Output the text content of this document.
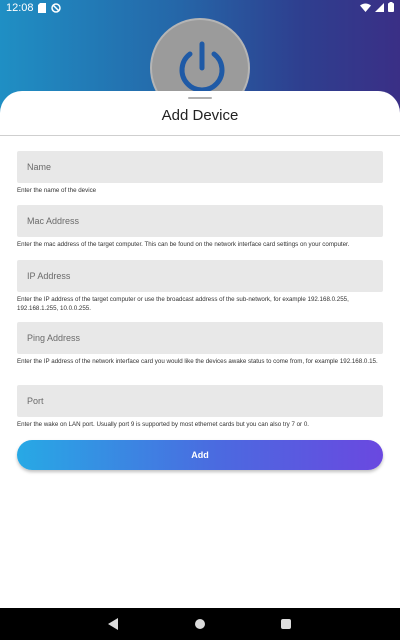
12:08
Add Device
Name
Enter the name of the device
Mac Address
Enter the mac address of the target computer. This can be found on the network interface card settings on your computer.
IP Address
Enter the IP address of the target computer or use the broadcast address of the sub-network, for example 192.168.0.255, 192.168.1.255, 10.0.0.255.
Ping Address
Enter the IP address of the network interface card you would like the devices awake status to come from, for example 192.168.0.15.
Port
Enter the wake on LAN port. Usually port 9 is supported by most ethernet cards but you can also try 7 or 0.
Add
